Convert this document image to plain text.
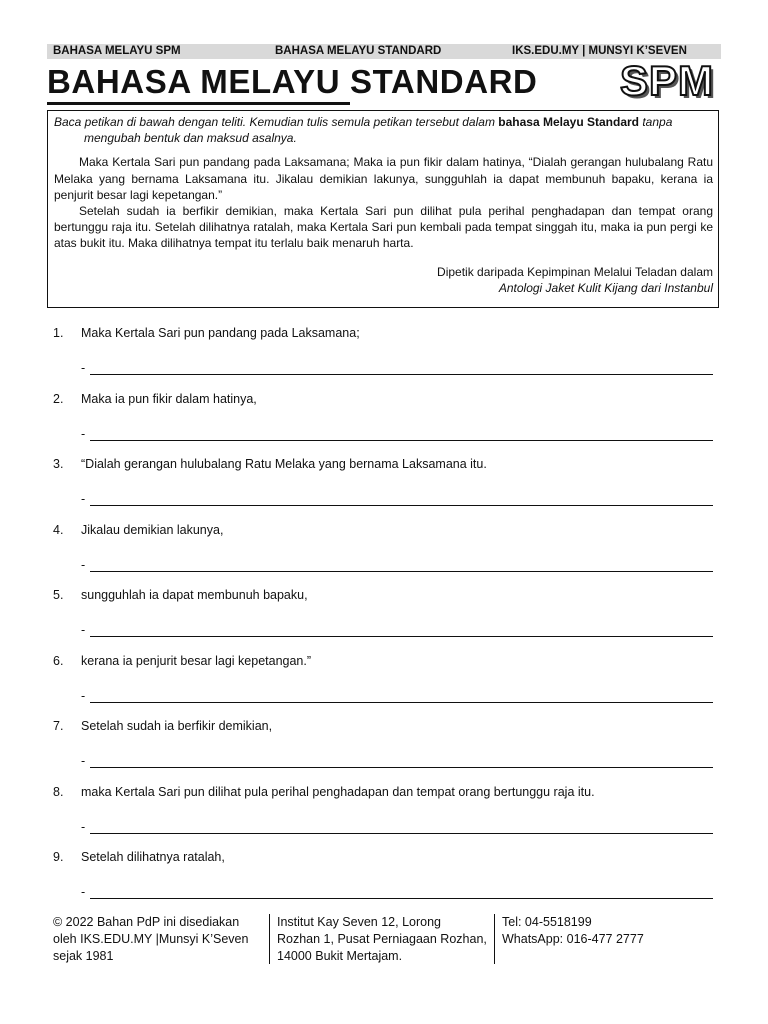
BAHASA MELAYU SPM	BAHASA MELAYU STANDARD	IKS.EDU.MY | MUNSYI K’SEVEN
BAHASA MELAYU STANDARD SPM

Baca petikan di bawah dengan teliti. Kemudian tulis semula petikan tersebut dalam bahasa Melayu Standard tanpa
mengubah bentuk dan maksud asalnya.

Maka Kertala Sari pun pandang pada Laksamana; Maka ia pun fikir dalam hatinya, “Dialah gerangan hulubalang Ratu Melaka yang bernama Laksamana itu. Jikalau demikian lakunya, sungguhlah ia dapat membunuh bapaku, kerana ia penjurit besar lagi kepetangan.”

Setelah sudah ia berfikir demikian, maka Kertala Sari pun dilihat pula perihal penghadapan dan tempat orang bertunggu raja itu. Setelah dilihatnya ratalah, maka Kertala Sari pun kembali pada tempat singgah itu, maka ia pun pergi ke atas bukit itu. Maka dilihatnya tempat itu terlalu baik menaruh harta.

Dipetik daripada Kepimpinan Melalui Teladan dalam
Antologi Jaket Kulit Kijang dari Instanbul
1. Maka Kertala Sari pun pandang pada Laksamana;
-
2. Maka ia pun fikir dalam hatinya,
-
3. “Dialah gerangan hulubalang Ratu Melaka yang bernama Laksamana itu.
-
4. Jikalau demikian lakunya,
-
5. sungguhlah ia dapat membunuh bapaku,
-
6. kerana ia penjurit besar lagi kepetangan.”
-
7. Setelah sudah ia berfikir demikian,
-
8. maka Kertala Sari pun dilihat pula perihal penghadapan dan tempat orang bertunggu raja itu.
-
9. Setelah dilihatnya ratalah,
-
© 2022 Bahan PdP ini disediakan
oleh IKS.EDU.MY |Munsyi K’Seven
sejak 1981
Institut Kay Seven 12, Lorong
Rozhan 1, Pusat Perniagaan Rozhan,
14000 Bukit Mertajam.
Tel: 04-5518199
WhatsApp: 016-477 2777
